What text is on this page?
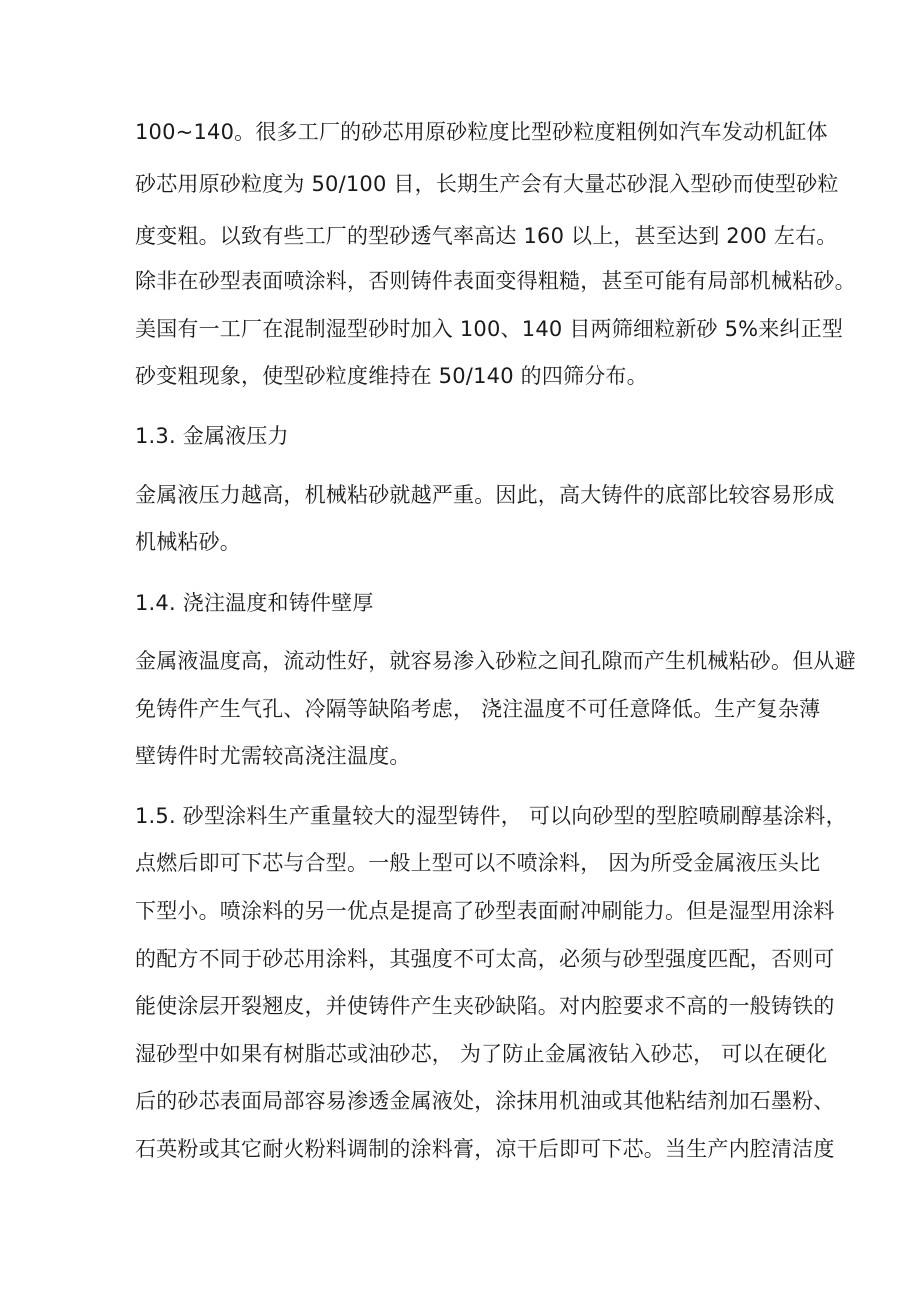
100~140。很多工厂的砂芯用原砂粒度比型砂粒度粗例如汽车发动机缸体
砂芯用原砂粒度为 50/100 目，长期生产会有大量芯砂混入型砂而使型砂粒
度变粗。以致有些工厂的型砂透气率高达 160 以上，甚至达到 200 左右。
除非在砂型表面喷涂料，否则铸件表面变得粗糙，甚至可能有局部机械粘砂。
美国有一工厂在混制湿型砂时加入 100、140 目两筛细粒新砂 5%来纠正型
砂变粗现象，使型砂粒度维持在 50/140 的四筛分布。
1.3. 金属液压力
金属液压力越高，机械粘砂就越严重。因此，高大铸件的底部比较容易形成
机械粘砂。
1.4. 浇注温度和铸件壁厚
金属液温度高，流动性好，就容易渗入砂粒之间孔隙而产生机械粘砂。但从避
免铸件产生气孔、冷隔等缺陷考虑， 浇注温度不可任意降低。生产复杂薄
壁铸件时尤需较高浇注温度。
1.5. 砂型涂料生产重量较大的湿型铸件， 可以向砂型的型腔喷刷醇基涂料，
点燃后即可下芯与合型。一般上型可以不喷涂料， 因为所受金属液压头比
下型小。喷涂料的另一优点是提高了砂型表面耐冲刷能力。但是湿型用涂料
的配方不同于砂芯用涂料，其强度不可太高，必须与砂型强度匹配，否则可
能使涂层开裂翘皮，并使铸件产生夹砂缺陷。对内腔要求不高的一般铸铁的
湿砂型中如果有树脂芯或油砂芯， 为了防止金属液钻入砂芯， 可以在硬化
后的砂芯表面局部容易渗透金属液处，涂抹用机油或其他粘结剂加石墨粉、
石英粉或其它耐火粉料调制的涂料膏，凉干后即可下芯。当生产内腔清洁度
